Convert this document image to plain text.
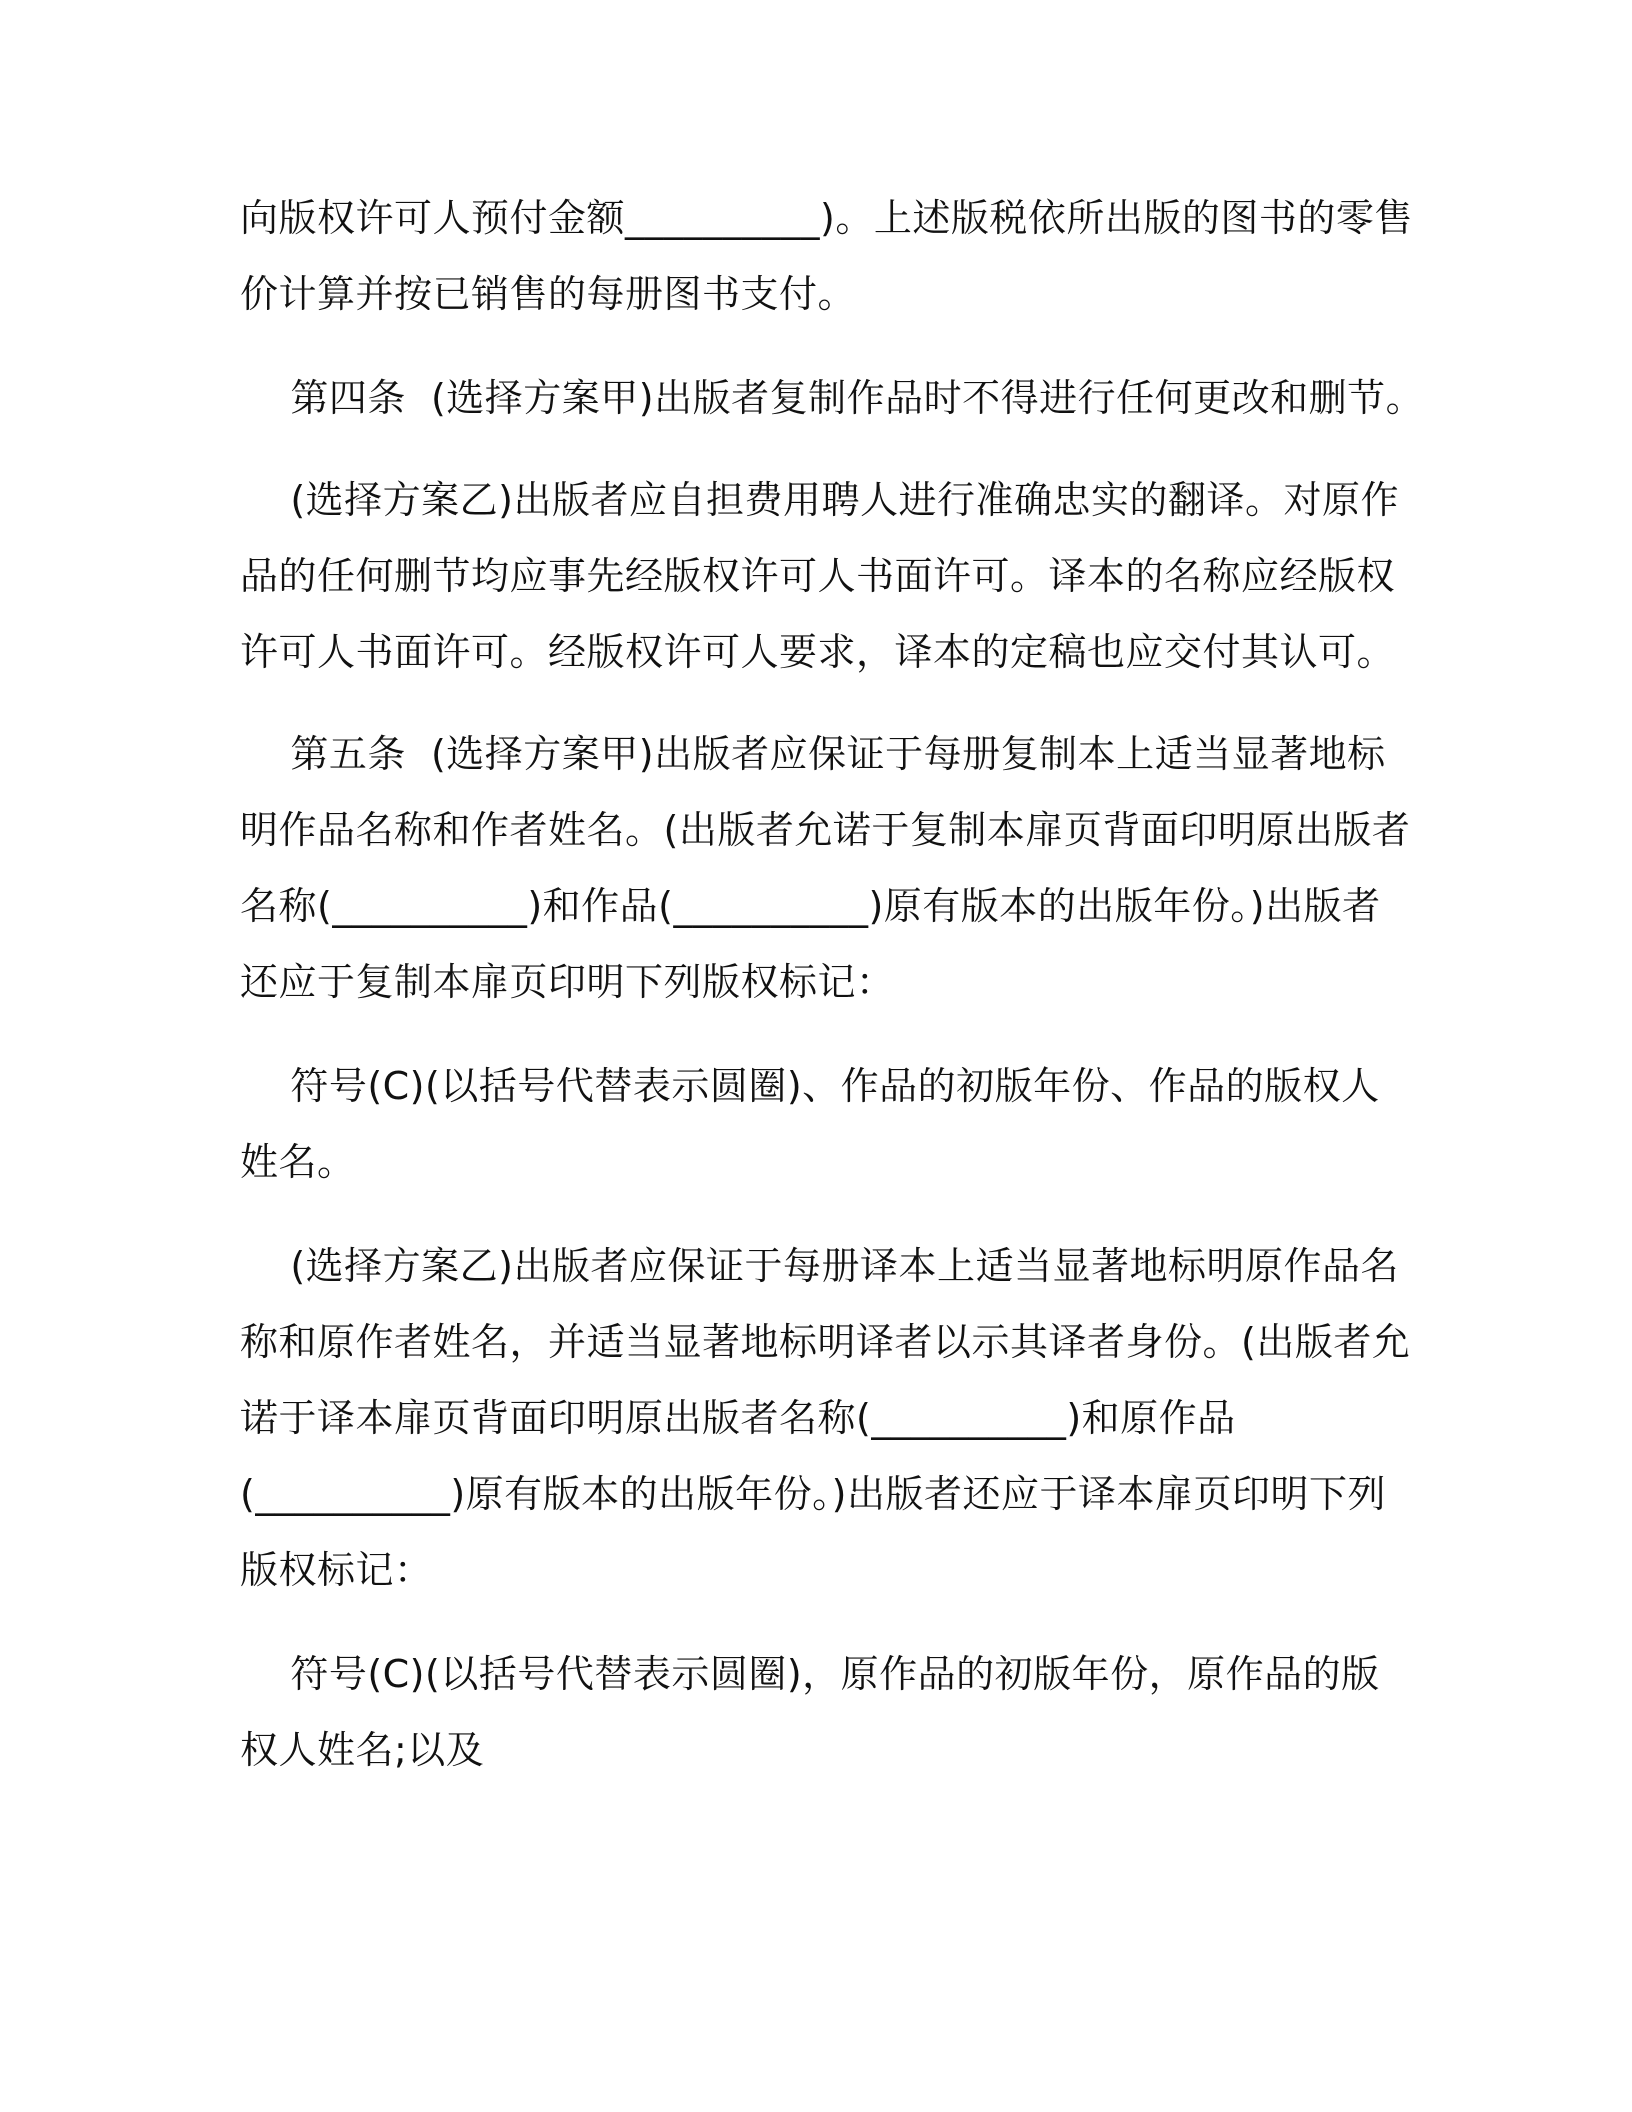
向版权许可人预付金额__________)。上述版税依所出版的图书的零售
价计算并按已销售的每册图书支付。
第四条  (选择方案甲)出版者复制作品时不得进行任何更改和删节。
(选择方案乙)出版者应自担费用聘人进行准确忠实的翻译。对原作
品的任何删节均应事先经版权许可人书面许可。译本的名称应经版权
许可人书面许可。经版权许可人要求，译本的定稿也应交付其认可。
第五条  (选择方案甲)出版者应保证于每册复制本上适当显著地标
明作品名称和作者姓名。(出版者允诺于复制本扉页背面印明原出版者
名称(__________)和作品(__________)原有版本的出版年份。)出版者
还应于复制本扉页印明下列版权标记：
符号(C)(以括号代替表示圆圈)、作品的初版年份、作品的版权人
姓名。
(选择方案乙)出版者应保证于每册译本上适当显著地标明原作品名
称和原作者姓名，并适当显著地标明译者以示其译者身份。(出版者允
诺于译本扉页背面印明原出版者名称(__________)和原作品
(__________)原有版本的出版年份。)出版者还应于译本扉页印明下列
版权标记：
符号(C)(以括号代替表示圆圈)，原作品的初版年份，原作品的版
权人姓名;以及
